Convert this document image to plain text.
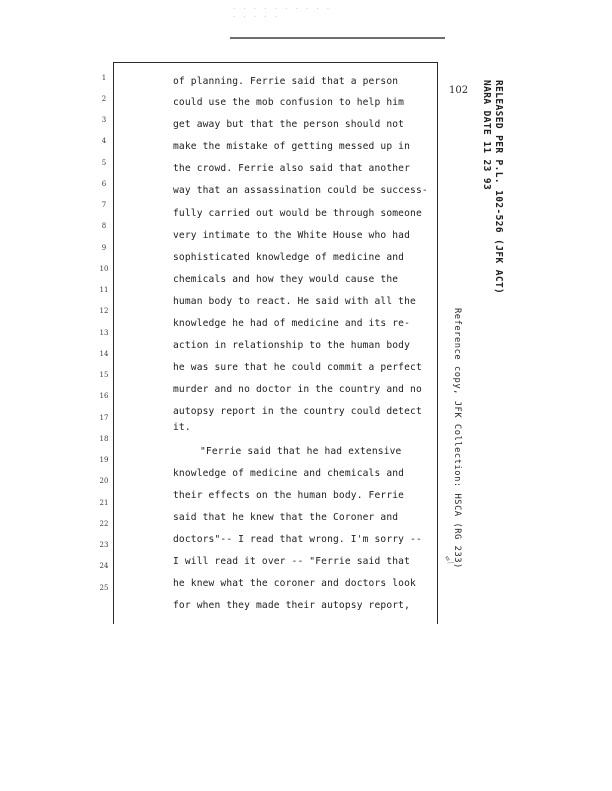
· · · · · · · · · · · · · · ·
102
1
2
3
4
5
6
7
8
9
10
11
12
13
14
15
16
17
18
19
20
21
22
23
24
25
of planning. Ferrie said that a person
could use the mob confusion to help him
get away but that the person should not
make the mistake of getting messed up in
the crowd. Ferrie also said that another
way that an assassination could be success-
fully carried out would be through someone
very intimate to the White House who had
sophisticated knowledge of medicine and
chemicals and how they would cause the
human body to react. He said with all the
knowledge he had of medicine and its re-
action in relationship to the human body
he was sure that he could commit a perfect
murder and no doctor in the country and no
autopsy report in the country could detect
it.
"Ferrie said that he had extensive
knowledge of medicine and chemicals and
their effects on the human body. Ferrie
said that he knew that the Coroner and
doctors"-- I read that wrong. I'm sorry --
I will read it over -- "Ferrie said that
he knew what the coroner and doctors look
for when they made their autopsy report,
RELEASED PER P.L. 102-526 (JFK ACT)
NARA DATE 11 23 93
Reference copy, JFK Collection: HSCA (RG 233)
≈⁄
